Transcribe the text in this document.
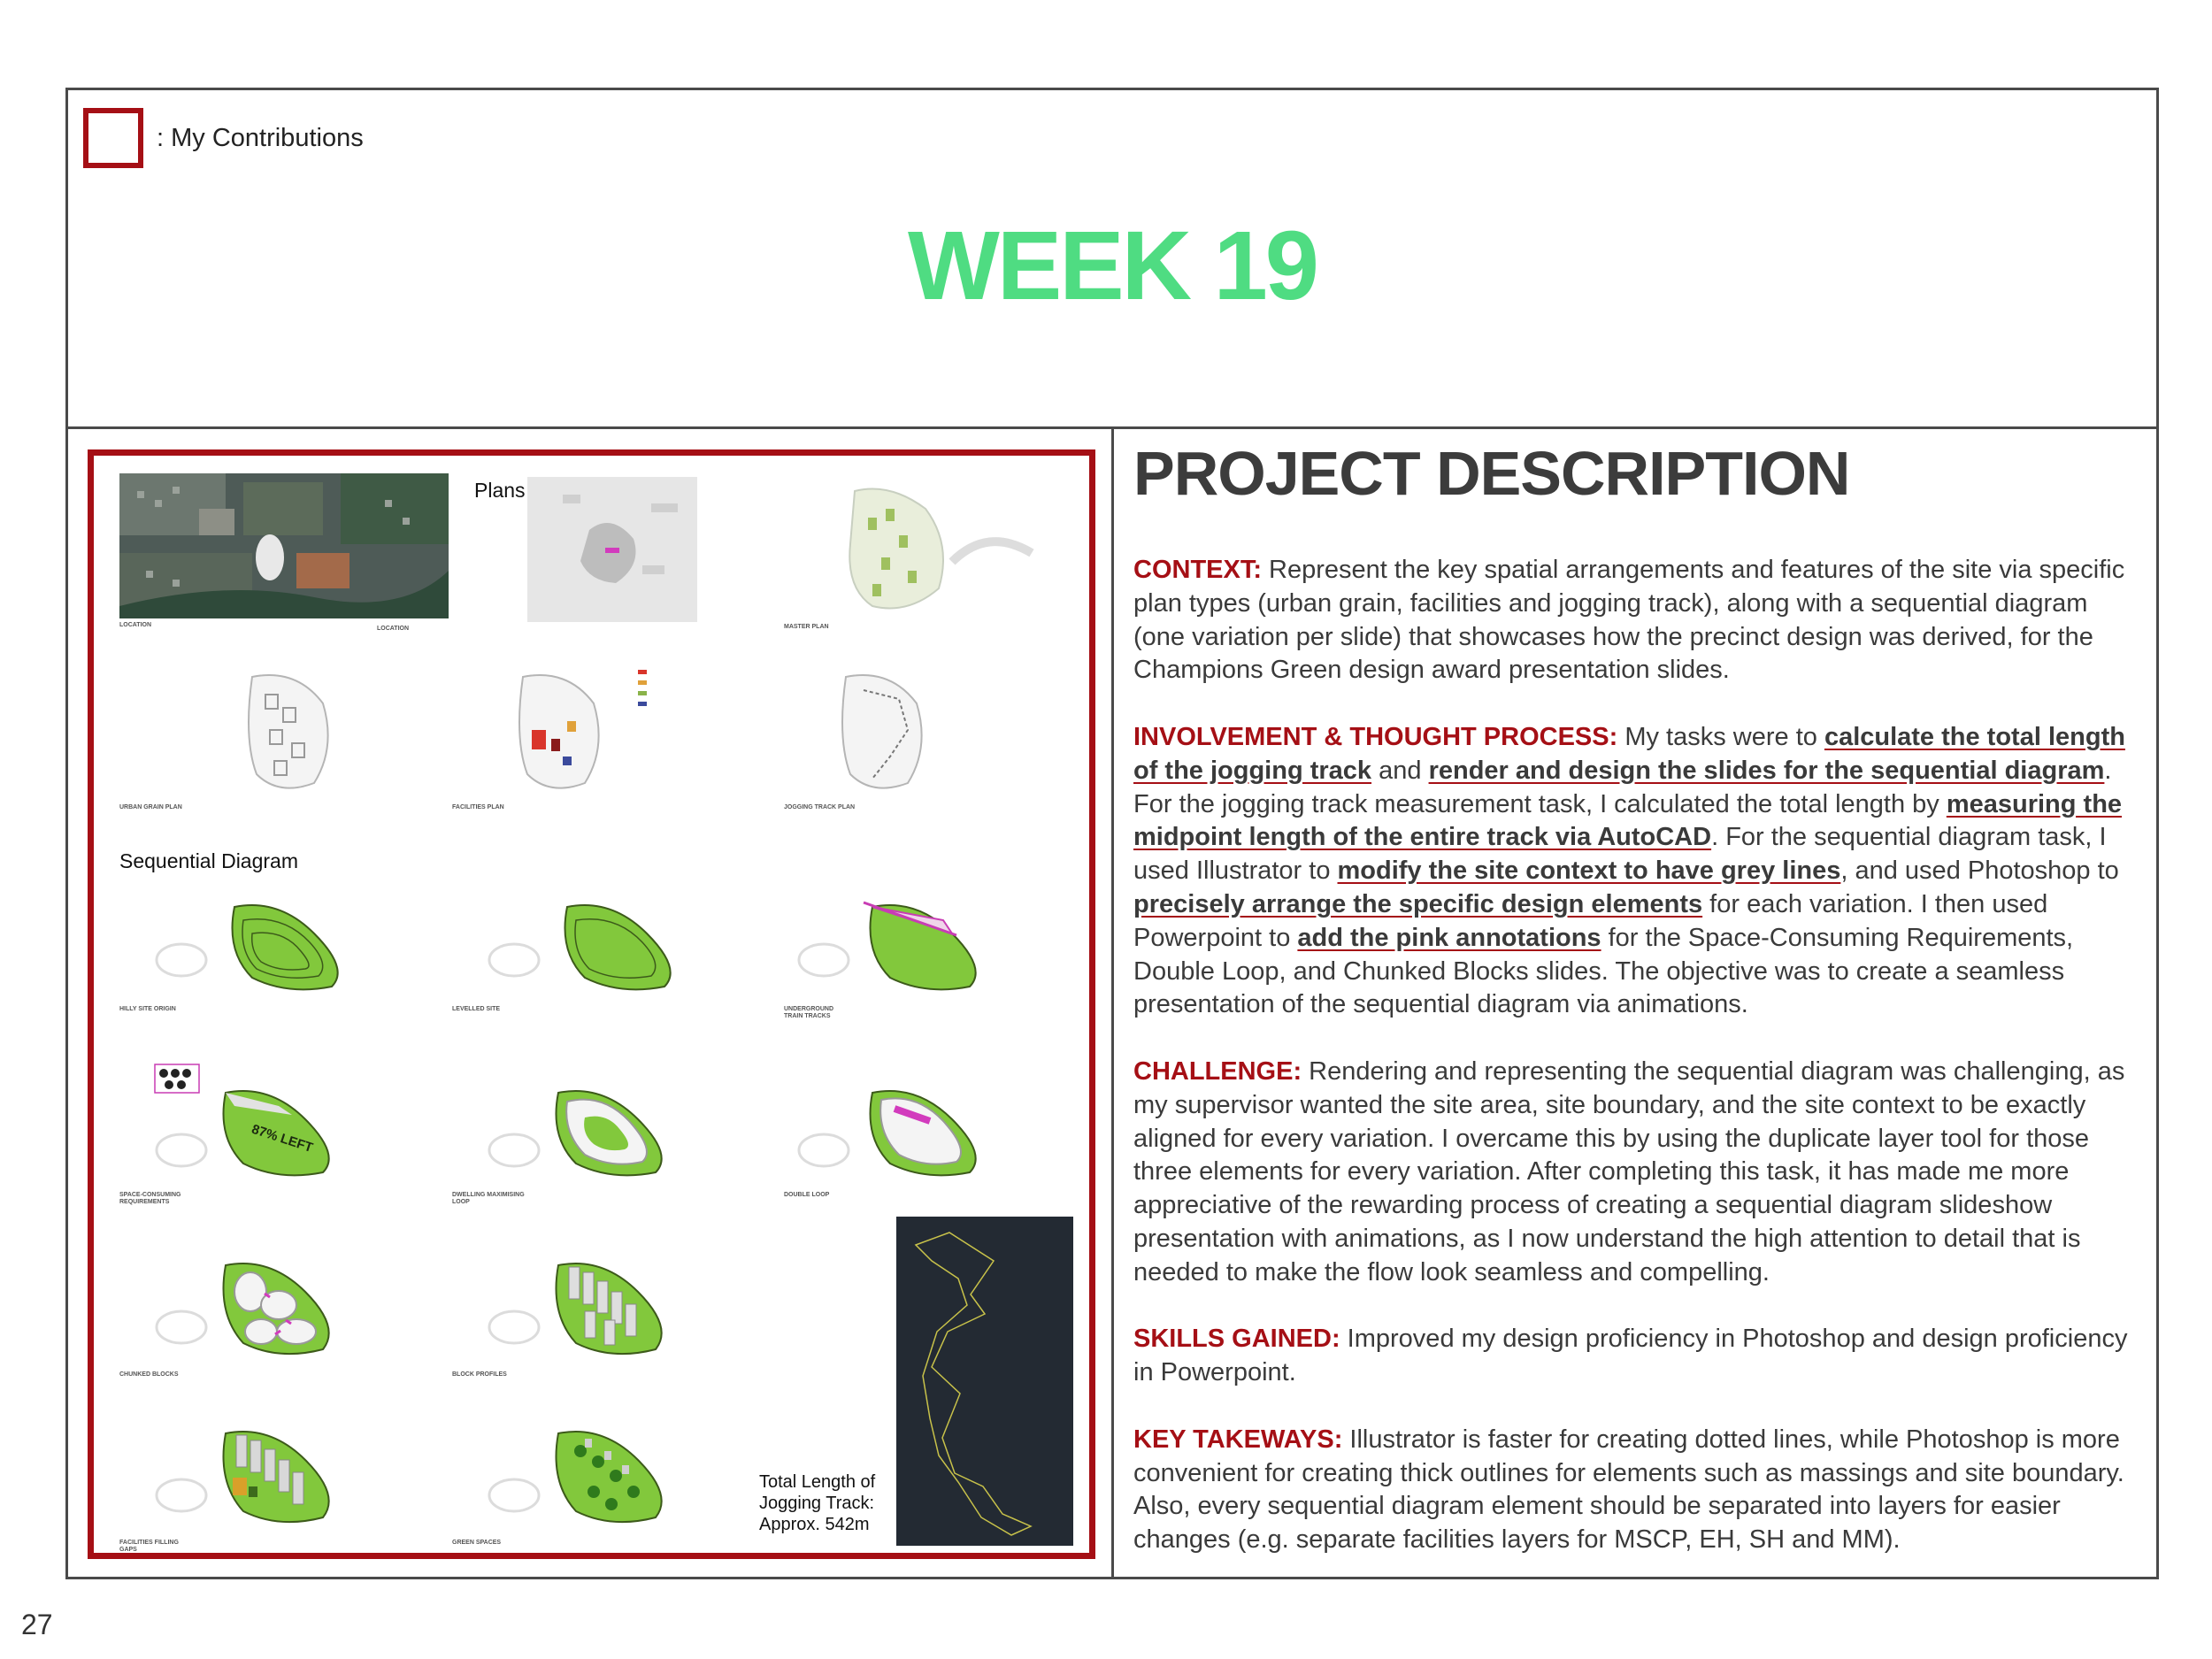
: My Contributions
WEEK 19
LOCATION
Plans
LOCATION	MASTER PLAN
URBAN GRAIN PLAN	FACILITIES PLAN	JOGGING TRACK PLAN
Sequential Diagram
HILLY SITE ORIGIN	LEVELLED SITE	UNDERGROUND
TRAIN TRACKS
87% LEFT
SPACE-CONSUMING
REQUIREMENTS
DWELLING MAXIMISING
LOOP
DOUBLE LOOP
CHUNKED BLOCKS	BLOCK PROFILES
FACILITIES FILLING
GAPS
GREEN SPACES
Total Length of
Jogging Track:
Approx. 542m
PROJECT DESCRIPTION

CONTEXT: Represent the key spatial arrangements and features of the site via specific plan types (urban grain, facilities and jogging track), along with a sequential diagram (one variation per slide) that showcases how the precinct design was derived, for the Champions Green design award presentation slides.

INVOLVEMENT & THOUGHT PROCESS: My tasks were to calculate the total length of the jogging track and render and design the slides for the sequential diagram. For the jogging track measurement task, I calculated the total length by measuring the midpoint length of the entire track via AutoCAD. For the sequential diagram task, I used Illustrator to modify the site context to have grey lines, and used Photoshop to precisely arrange the specific design elements for each variation. I then used Powerpoint to add the pink annotations for the Space-Consuming Requirements, Double Loop, and Chunked Blocks slides. The objective was to create a seamless presentation of the sequential diagram via animations.

CHALLENGE: Rendering and representing the sequential diagram was challenging, as my supervisor wanted the site area, site boundary, and the site context to be exactly aligned for every variation. I overcame this by using the duplicate layer tool for those three elements for every variation. After completing this task, it has made me more appreciative of the rewarding process of creating a sequential diagram slideshow presentation with animations, as I now understand the high attention to detail that is needed to make the flow look seamless and compelling.

SKILLS GAINED: Improved my design proficiency in Photoshop and design proficiency in Powerpoint.

KEY TAKEWAYS: Illustrator is faster for creating dotted lines, while Photoshop is more convenient for creating thick outlines for elements such as massings and site boundary. Also, every sequential diagram element should be separated into layers for easier changes (e.g. separate facilities layers for MSCP, EH, SH and MM).

27
